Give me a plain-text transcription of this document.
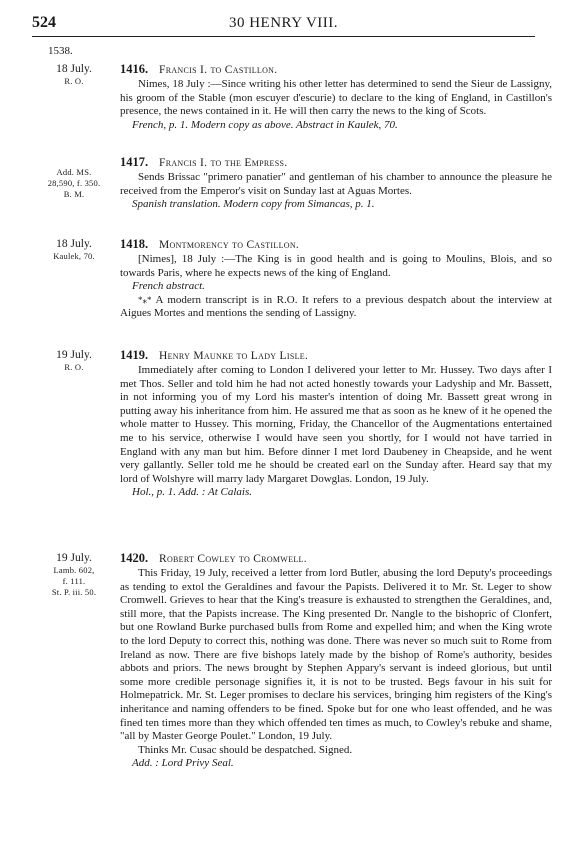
524	30 HENRY VIII.
1538.
18 July.
R. O.
1416. Francis I. to Castillon.
Nimes, 18 July :—Since writing his other letter has determined to send the Sieur de Lassigny, his groom of the Stable (mon escuyer d'escurie) to declare to the king of England, in Castillon's presence, the news contained in it. He will then carry the news to the king of Scots.
French, p. 1. Modern copy as above. Abstract in Kaulek, 70.
Add. MS.
28,590, f. 350.
B. M.
1417. Francis I. to the Empress.
Sends Brissac "primero panatier" and gentleman of his chamber to announce the pleasure he received from the Emperor's visit on Sunday last at Aguas Mortes.
Spanish translation. Modern copy from Simancas, p. 1.
18 July.
Kaulek, 70.
1418. Montmorency to Castillon.
[Nimes], 18 July :—The King is in good health and is going to Moulins, Blois, and so towards Paris, where he expects news of the king of England.
French abstract.
*⁎* A modern transcript is in R.O. It refers to a previous despatch about the interview at Aigues Mortes and mentions the sending of Lassigny.
19 July.
R. O.
1419. Henry Maunke to Lady Lisle.
Immediately after coming to London I delivered your letter to Mr. Hussey. Two days after I met Thos. Seller and told him he had not acted honestly towards your Ladyship and Mr. Bassett, in not informing you of my Lord his master's intention of doing Mr. Bassett great wrong in putting away his inheritance from him. He assured me that as soon as he knew of it he opened the whole matter to Hussey. This morning, Friday, the Chancellor of the Augmentations entertained me to his service, otherwise I would have seen you shortly, for I would not have tarried in England with any man but him. Before dinner I met lord Daubeney in Cheapside, and he went very gallantly. Seller told me he should be created earl on the Sunday after. Heard say that my lord of Wolshyre will marry lady Margaret Dowglas. London, 19 July.
Hol., p. 1. Add. : At Calais.
19 July.
Lamb. 602,
f. 111.
St. P. iii. 50.
1420. Robert Cowley to Cromwell.
This Friday, 19 July, received a letter from lord Butler, abusing the lord Deputy's proceedings as tending to extol the Geraldines and favour the Papists. Delivered it to Mr. St. Leger to show Cromwell. Grieves to hear that the King's treasure is exhausted to strengthen the Geraldines, and, still more, that the Papists increase. The King presented Dr. Nangle to the bishopric of Clonfert, but one Rowland Burke purchased bulls from Rome and expelled him; and when the King wrote to the lord Deputy to correct this, nothing was done. There was never so much suit to Rome from Ireland as now. There are five bishops lately made by the bishop of Rome's authority, besides abbots and priors. The news brought by Stephen Appary's servant is indeed glorious, but until some more credible personage signifies it, it is not to be trusted. Begs favour in his suit for Holmepatrick. Mr. St. Leger promises to declare his services, bringing him registers of the King's inheritance and naming offenders to be fined. Spoke but for one who least offended, and he was fined ten times more than they which offended ten times as much, to Cowley's rebuke and shame, "all by Master George Poulet." London, 19 July.
Thinks Mr. Cusac should be despatched. Signed.
Add. : Lord Privy Seal.
